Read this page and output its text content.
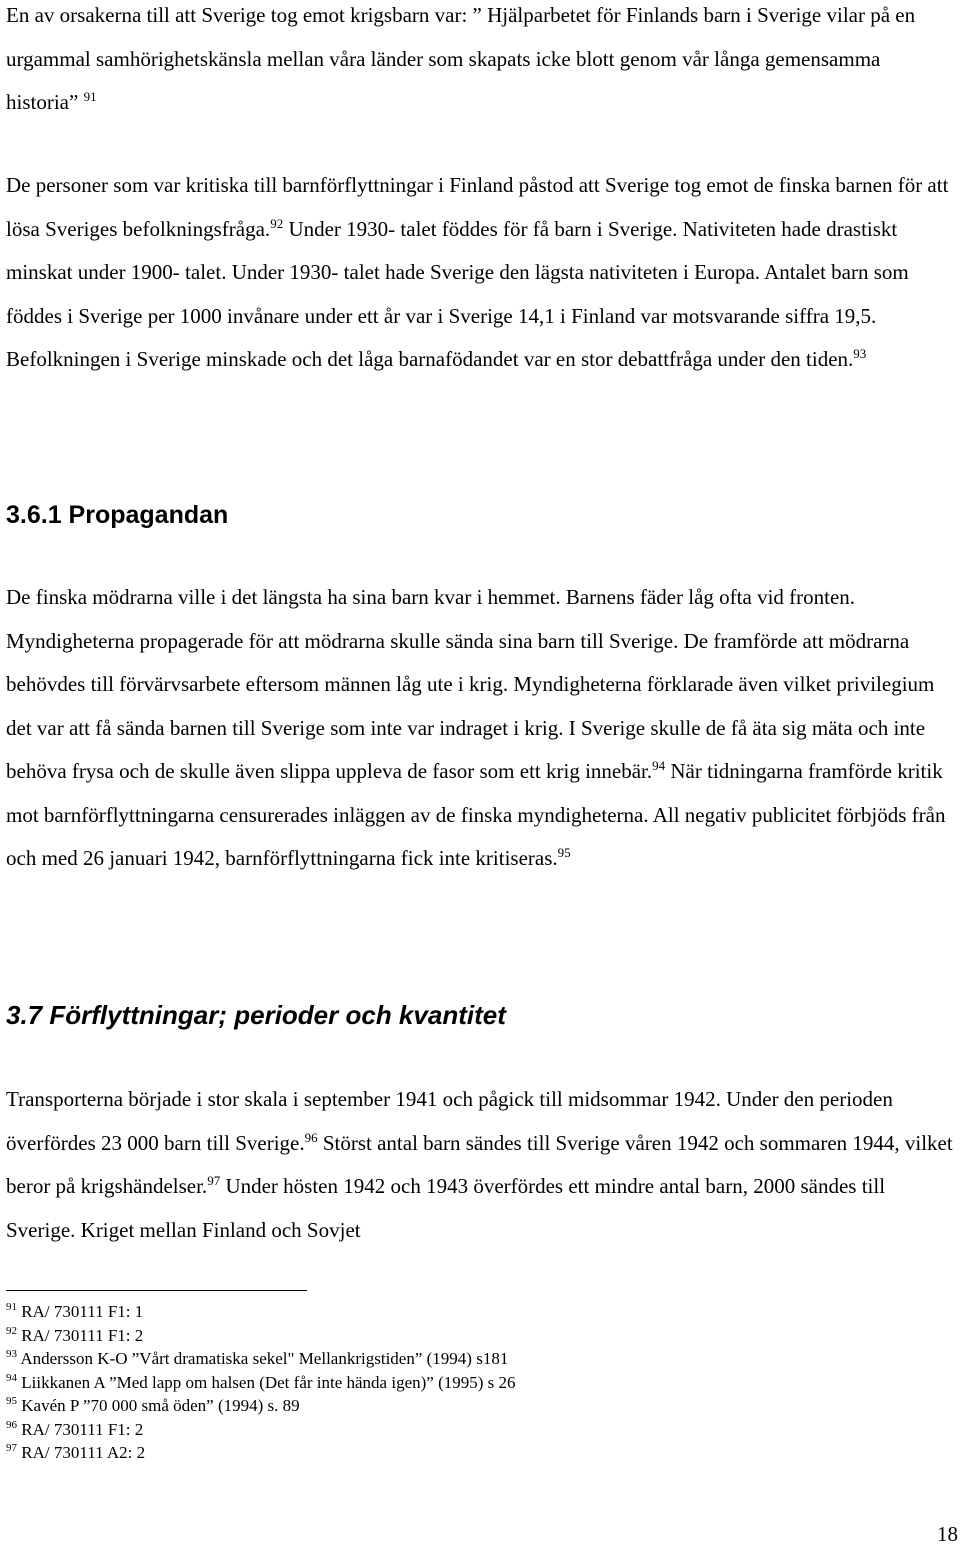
En av orsakerna till att Sverige tog emot krigsbarn var: ” Hjälparbetet för Finlands barn i Sverige vilar på en urgammal samhörighetskänsla mellan våra länder som skapats icke blott genom vår långa gemensamma historia” $^{91}$

De personer som var kritiska till barnförflyttningar i Finland påstod att Sverige tog emot de finska barnen för att lösa Sveriges befolkningsfråga.$^{92}$ Under 1930- talet föddes för få barn i Sverige. Nativiteten hade drastiskt minskat under 1900- talet. Under 1930- talet hade Sverige den lägsta nativiteten i Europa. Antalet barn som föddes i Sverige per 1000 invånare under ett år var i Sverige 14,1 i Finland var motsvarande siffra 19,5. Befolkningen i Sverige minskade och det låga barnafödandet var en stor debattfråga under den tiden.$^{93}$

3.6.1 Propagandan

De finska mödrarna ville i det längsta ha sina barn kvar i hemmet. Barnens fäder låg ofta vid fronten. Myndigheterna propagerade för att mödrarna skulle sända sina barn till Sverige. De framförde att mödrarna behövdes till förvärvsarbete eftersom männen låg ute i krig. Myndigheterna förklarade även vilket privilegium det var att få sända barnen till Sverige som inte var indraget i krig. I Sverige skulle de få äta sig mäta och inte behöva frysa och de skulle även slippa uppleva de fasor som ett krig innebär.$^{94}$ När tidningarna framförde kritik mot barnförflyttningarna censurerades inläggen av de finska myndigheterna. All negativ publicitet förbjöds från och med 26 januari 1942, barnförflyttningarna fick inte kritiseras.$^{95}$

3.7 Förflyttningar; perioder och kvantitet

Transporterna började i stor skala i september 1941 och pågick till midsommar 1942. Under den perioden överfördes 23 000 barn till Sverige.$^{96}$ Störst antal barn sändes till Sverige våren 1942 och sommaren 1944, vilket beror på krigshändelser.$^{97}$ Under hösten 1942 och 1943 överfördes ett mindre antal barn, 2000 sändes till Sverige. Kriget mellan Finland och Sovjet

$^{91}$ RA/ 730111 F1: 1
$^{92}$ RA/ 730111 F1: 2
$^{93}$ Andersson K-O ”Vårt dramatiska sekel" Mellankrigstiden” (1994) s181
$^{94}$ Liikkanen A ”Med lapp om halsen (Det får inte hända igen)” (1995) s 26
$^{95}$ Kavén P ”70 000 små öden” (1994) s. 89
$^{96}$ RA/ 730111 F1: 2
$^{97}$ RA/ 730111 A2: 2
18
